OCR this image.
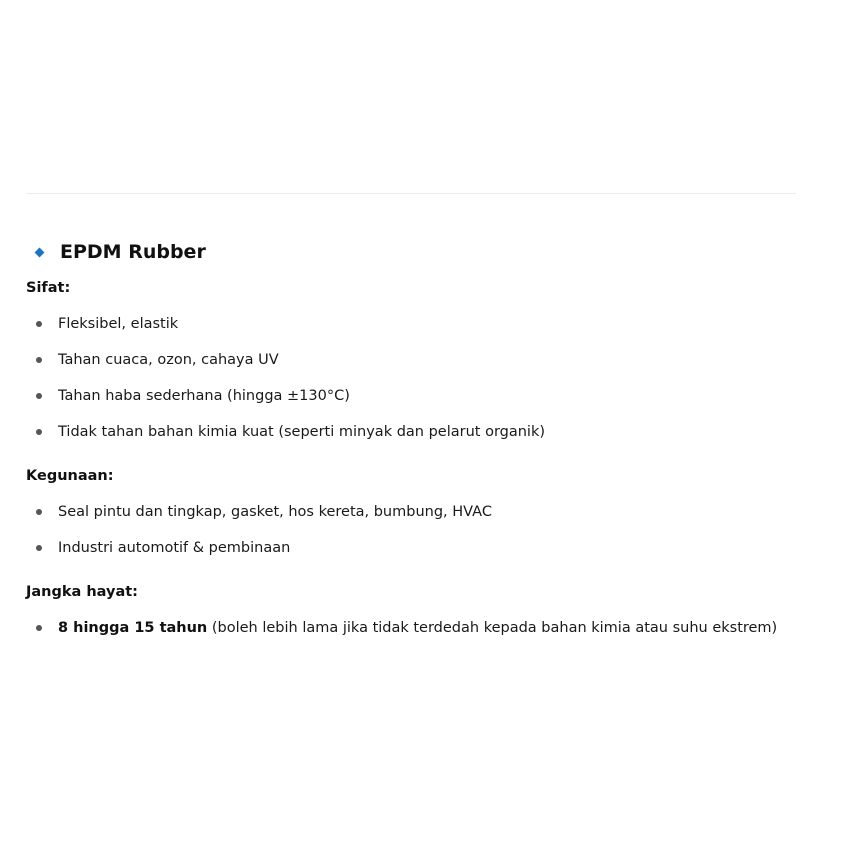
EPDM Rubber
Sifat:
Fleksibel, elastik
Tahan cuaca, ozon, cahaya UV
Tahan haba sederhana (hingga ±130°C)
Tidak tahan bahan kimia kuat (seperti minyak dan pelarut organik)
Kegunaan:
Seal pintu dan tingkap, gasket, hos kereta, bumbung, HVAC
Industri automotif & pembinaan
Jangka hayat:
8 hingga 15 tahun (boleh lebih lama jika tidak terdedah kepada bahan kimia atau suhu ekstrem)
